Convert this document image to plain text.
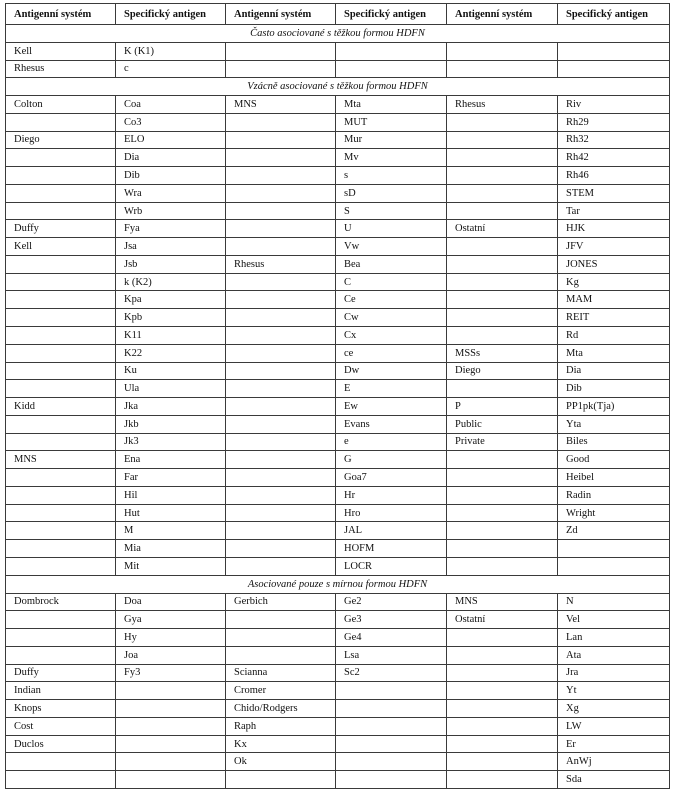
Antigenní systém	Specifický antigen	Antigenní systém	Specifický antigen	Antigenní systém	Specifický antigen
Často asociované s těžkou formou HDFN					
Kell	K (K1)				
Rhesus	c				
Vzácně asociované s těžkou formou HDFN					
Colton	Coa	MNS	Mta	Rhesus	Riv
	Co3		MUT		Rh29
Diego	ELO		Mur		Rh32
	Dia		Mv		Rh42
	Dib		s		Rh46
	Wra		sD		STEM
	Wrb		S		Tar
Duffy	Fya		U	Ostatní	HJK
Kell	Jsa		Vw		JFV
	Jsb	Rhesus	Bea		JONES
	k (K2)		C		Kg
	Kpa		Ce		MAM
	Kpb		Cw		REIT
	K11		Cx		Rd
	K22		ce	MSSs	Mta
	Ku		Dw	Diego	Dia
	Ula		E		Dib
Kidd	Jka		Ew	P	PP1pk(Tja)
	Jkb		Evans	Public	Yta
	Jk3		e	Private	Biles
MNS	Ena		G		Good
	Far		Goa7		Heibel
	Hil		Hr		Radin
	Hut		Hro		Wright
	M		JAL		Zd
	Mia		HOFM		
	Mit		LOCR		
Asociované pouze s mírnou formou HDFN					
Dombrock	Doa	Gerbich	Ge2	MNS	N
	Gya		Ge3	Ostatní	Vel
	Hy		Ge4		Lan
	Joa		Lsa		Ata
Duffy	Fy3	Scianna	Sc2		Jra
Indian		Cromer			Yt
Knops		Chido/Rodgers			Xg
Cost		Raph			LW
Duclos		Kx			Er
		Ok			AnWj
					Sda
